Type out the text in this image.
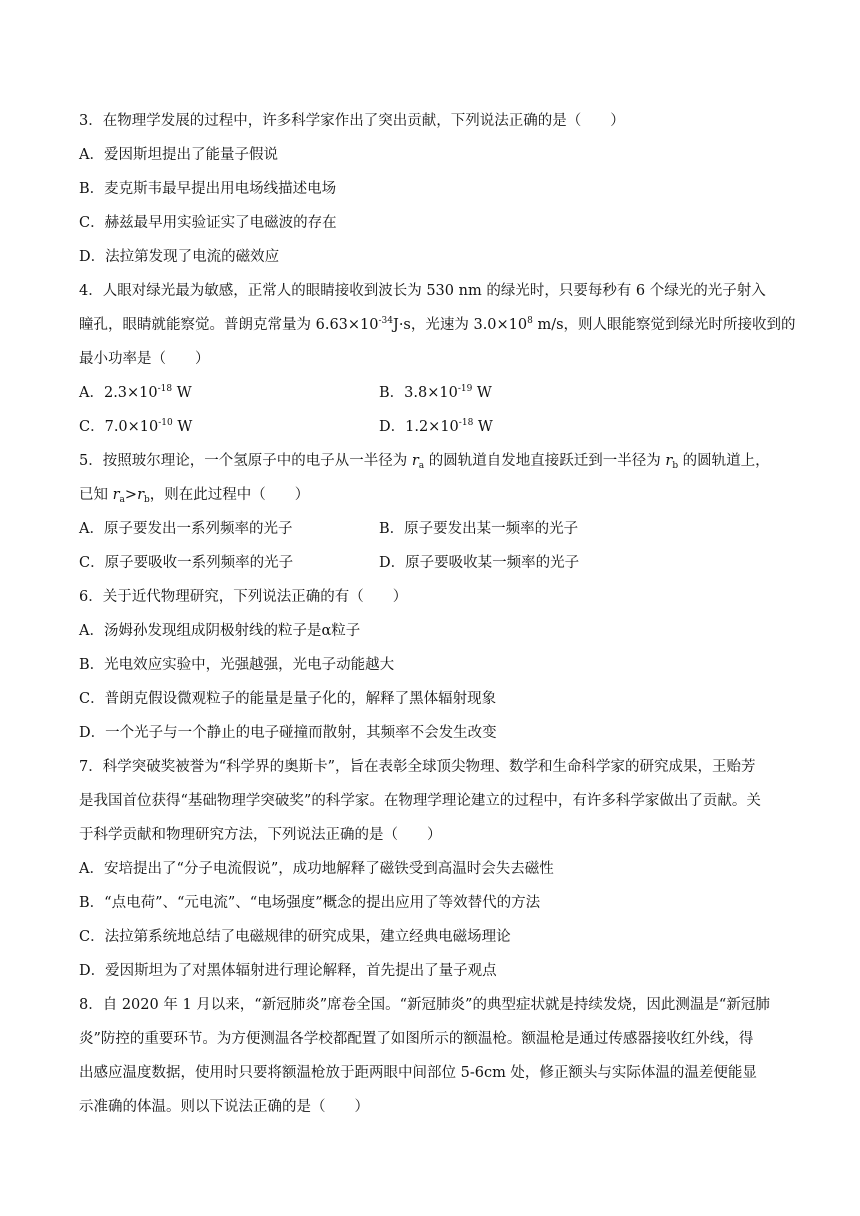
3．在物理学发展的过程中，许多科学家作出了突出贡献，下列说法正确的是（　　）
A．爱因斯坦提出了能量子假说
B．麦克斯韦最早提出用电场线描述电场
C．赫兹最早用实验证实了电磁波的存在
D．法拉第发现了电流的磁效应
4．人眼对绿光最为敏感，正常人的眼睛接收到波长为 530 nm 的绿光时，只要每秒有 6 个绿光的光子射入
瞳孔，眼睛就能察觉。普朗克常量为 $6.63\times 10^{-34}J\cdot s$，光速为 $3.0\times 10^8$ m/s，则人眼能察觉到绿光时所接收到的
最小功率是（　　）
A．$2.3\times 10^{-18}$ W	B．$3.8\times 10^{-19}$ W
C．$7.0\times 10^{-10}$ W	D．$1.2\times 10^{-18}$ W
5．按照玻尔理论，一个氢原子中的电子从一半径为 $r_a$ 的圆轨道自发地直接跃迁到一半径为 $r_b$ 的圆轨道上，
已知 $r_a>r_b$，则在此过程中（　　）
A．原子要发出一系列频率的光子	B．原子要发出某一频率的光子
C．原子要吸收一系列频率的光子	D．原子要吸收某一频率的光子
6．关于近代物理研究，下列说法正确的有（　　）
A．汤姆孙发现组成阴极射线的粒子是α粒子
B．光电效应实验中，光强越强，光电子动能越大
C．普朗克假设微观粒子的能量是量子化的，解释了黑体辐射现象
D．一个光子与一个静止的电子碰撞而散射，其频率不会发生改变
7．科学突破奖被誉为“科学界的奥斯卡”，旨在表彰全球顶尖物理、数学和生命科学家的研究成果，王贻芳
是我国首位获得“基础物理学突破奖”的科学家。在物理学理论建立的过程中，有许多科学家做出了贡献。关
于科学贡献和物理研究方法，下列说法正确的是（　　）
A．安培提出了“分子电流假说”，成功地解释了磁铁受到高温时会失去磁性
B．“点电荷”、“元电流”、“电场强度”概念的提出应用了等效替代的方法
C．法拉第系统地总结了电磁规律的研究成果，建立经典电磁场理论
D．爱因斯坦为了对黑体辐射进行理论解释，首先提出了量子观点
8．自 2020 年 1 月以来，“新冠肺炎”席卷全国。“新冠肺炎”的典型症状就是持续发烧，因此测温是“新冠肺
炎”防控的重要环节。为方便测温各学校都配置了如图所示的额温枪。额温枪是通过传感器接收红外线，得
出感应温度数据，使用时只要将额温枪放于距两眼中间部位 5-6cm 处，修正额头与实际体温的温差便能显
示准确的体温。则以下说法正确的是（　　）
